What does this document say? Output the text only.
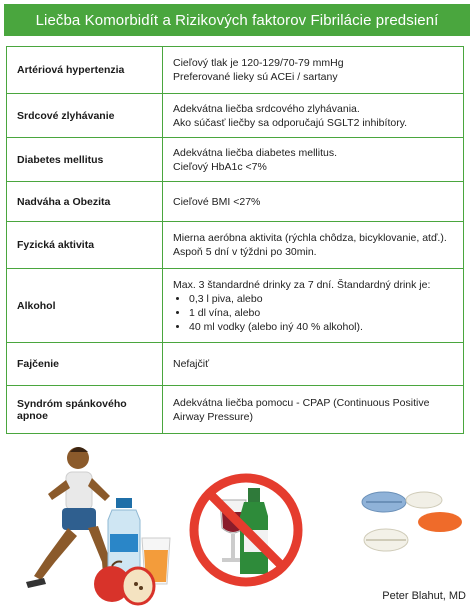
Liečba Komorbidít a Rizikových faktorov Fibrilácie predsiení
Artériová hypertenzia
Cieľový tlak je 120-129/70-79 mmHg
Preferované lieky sú ACEi / sartany
Srdcové zlyhávanie
Adekvátna liečba srdcového zlyhávania.
Ako súčasť liečby sa odporučajú SGLT2 inhibítory.
Diabetes mellitus
Adekvátna liečba diabetes mellitus.
Cieľový HbA1c <7%
Nadváha a Obezita	Cieľové BMI <27%
Fyzická aktivita
Mierna aeróbna aktivita (rýchla chôdza, bicyklovanie, atď.).
Aspoň 5 dní v týždni po 30min.
Alkohol
Max. 3 štandardné drinky za 7 dní. Štandardný drink je:
• 0,3 l piva, alebo
• 1 dl vína, alebo
• 40 ml vodky (alebo iný 40 % alkohol).
Fajčenie	Nefajčiť
Syndróm spánkového apnoe
Adekvátna liečba pomocu - CPAP (Continuous Positive Airway Pressure)
Peter Blahut, MD
